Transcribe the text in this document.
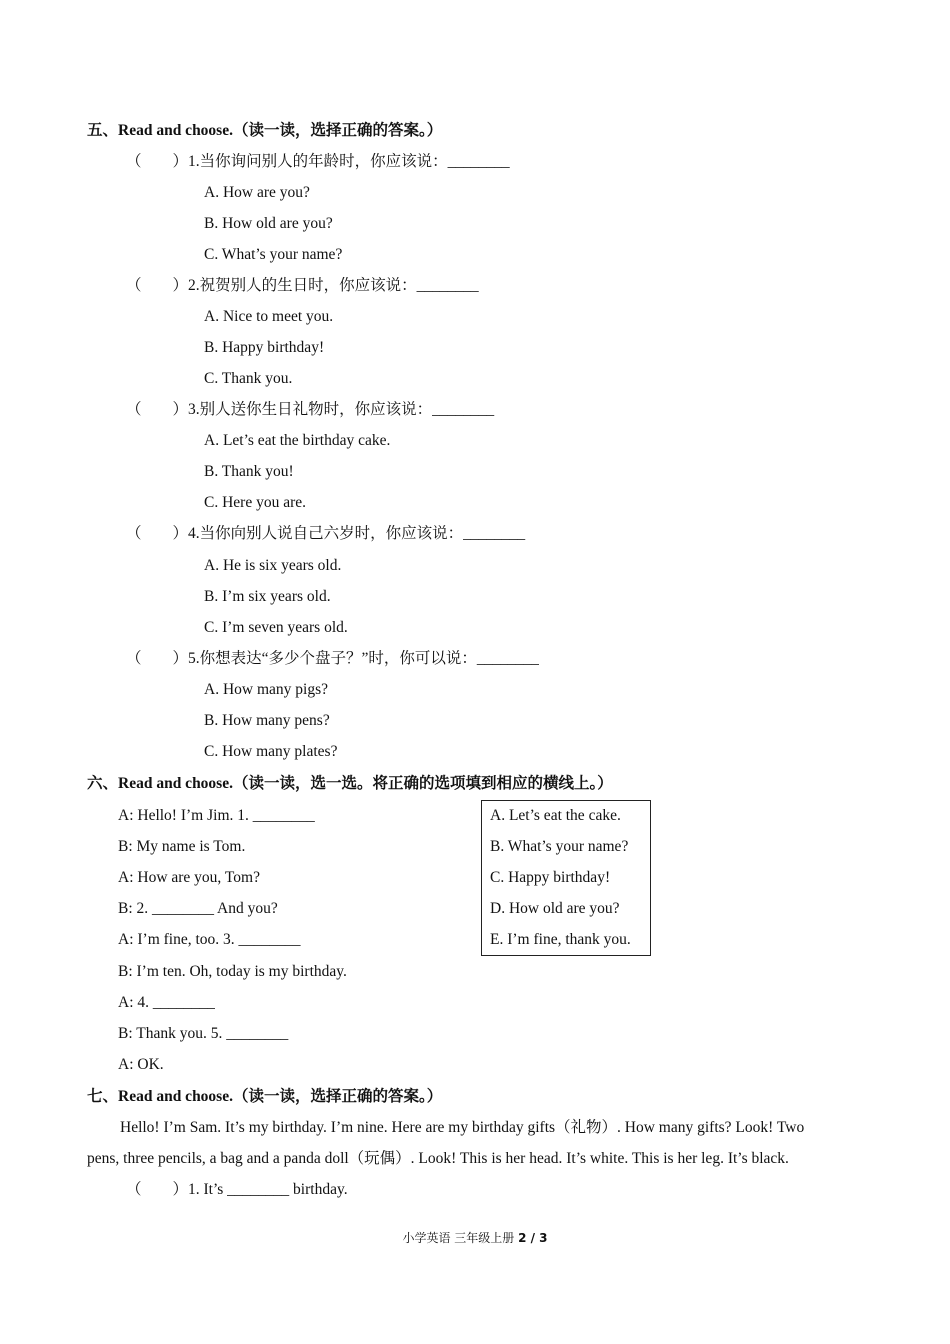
五、Read and choose.（读一读，选择正确的答案。）
（　　）1.当你询问别人的年龄时，你应该说：________
A. How are you?
B. How old are you?
C. What’s your name?
（　　）2.祝贺别人的生日时，你应该说：________
A. Nice to meet you.
B. Happy birthday!
C. Thank you.
（　　）3.别人送你生日礼物时，你应该说：________
A. Let’s eat the birthday cake.
B. Thank you!
C. Here you are.
（　　）4.当你向别人说自己六岁时，你应该说：________
A. He is six years old.
B. I’m six years old.
C. I’m seven years old.
（　　）5.你想表达“多少个盘子？”时，你可以说：________
A. How many pigs?
B. How many pens?
C. How many plates?
六、Read and choose.（读一读，选一选。将正确的选项填到相应的横线上。）
A: Hello! I’m Jim. 1. ________
B: My name is Tom.
A: How are you, Tom?
B: 2. ________ And you?
A: I’m fine, too. 3. ________
B: I’m ten. Oh, today is my birthday.
A: 4. ________
B: Thank you. 5. ________
A: OK.
A. Let’s eat the cake.
B. What’s your name?
C. Happy birthday!
D. How old are you?
E. I’m fine, thank you.
七、Read and choose.（读一读，选择正确的答案。）
Hello! I’m Sam. It’s my birthday. I’m nine. Here are my birthday gifts（礼物）. How many gifts? Look! Two
pens, three pencils, a bag and a panda doll（玩偶）. Look! This is her head. It’s white. This is her leg. It’s black.
（　　）1. It’s ________ birthday.
小学英语 三年级上册 2 / 3
